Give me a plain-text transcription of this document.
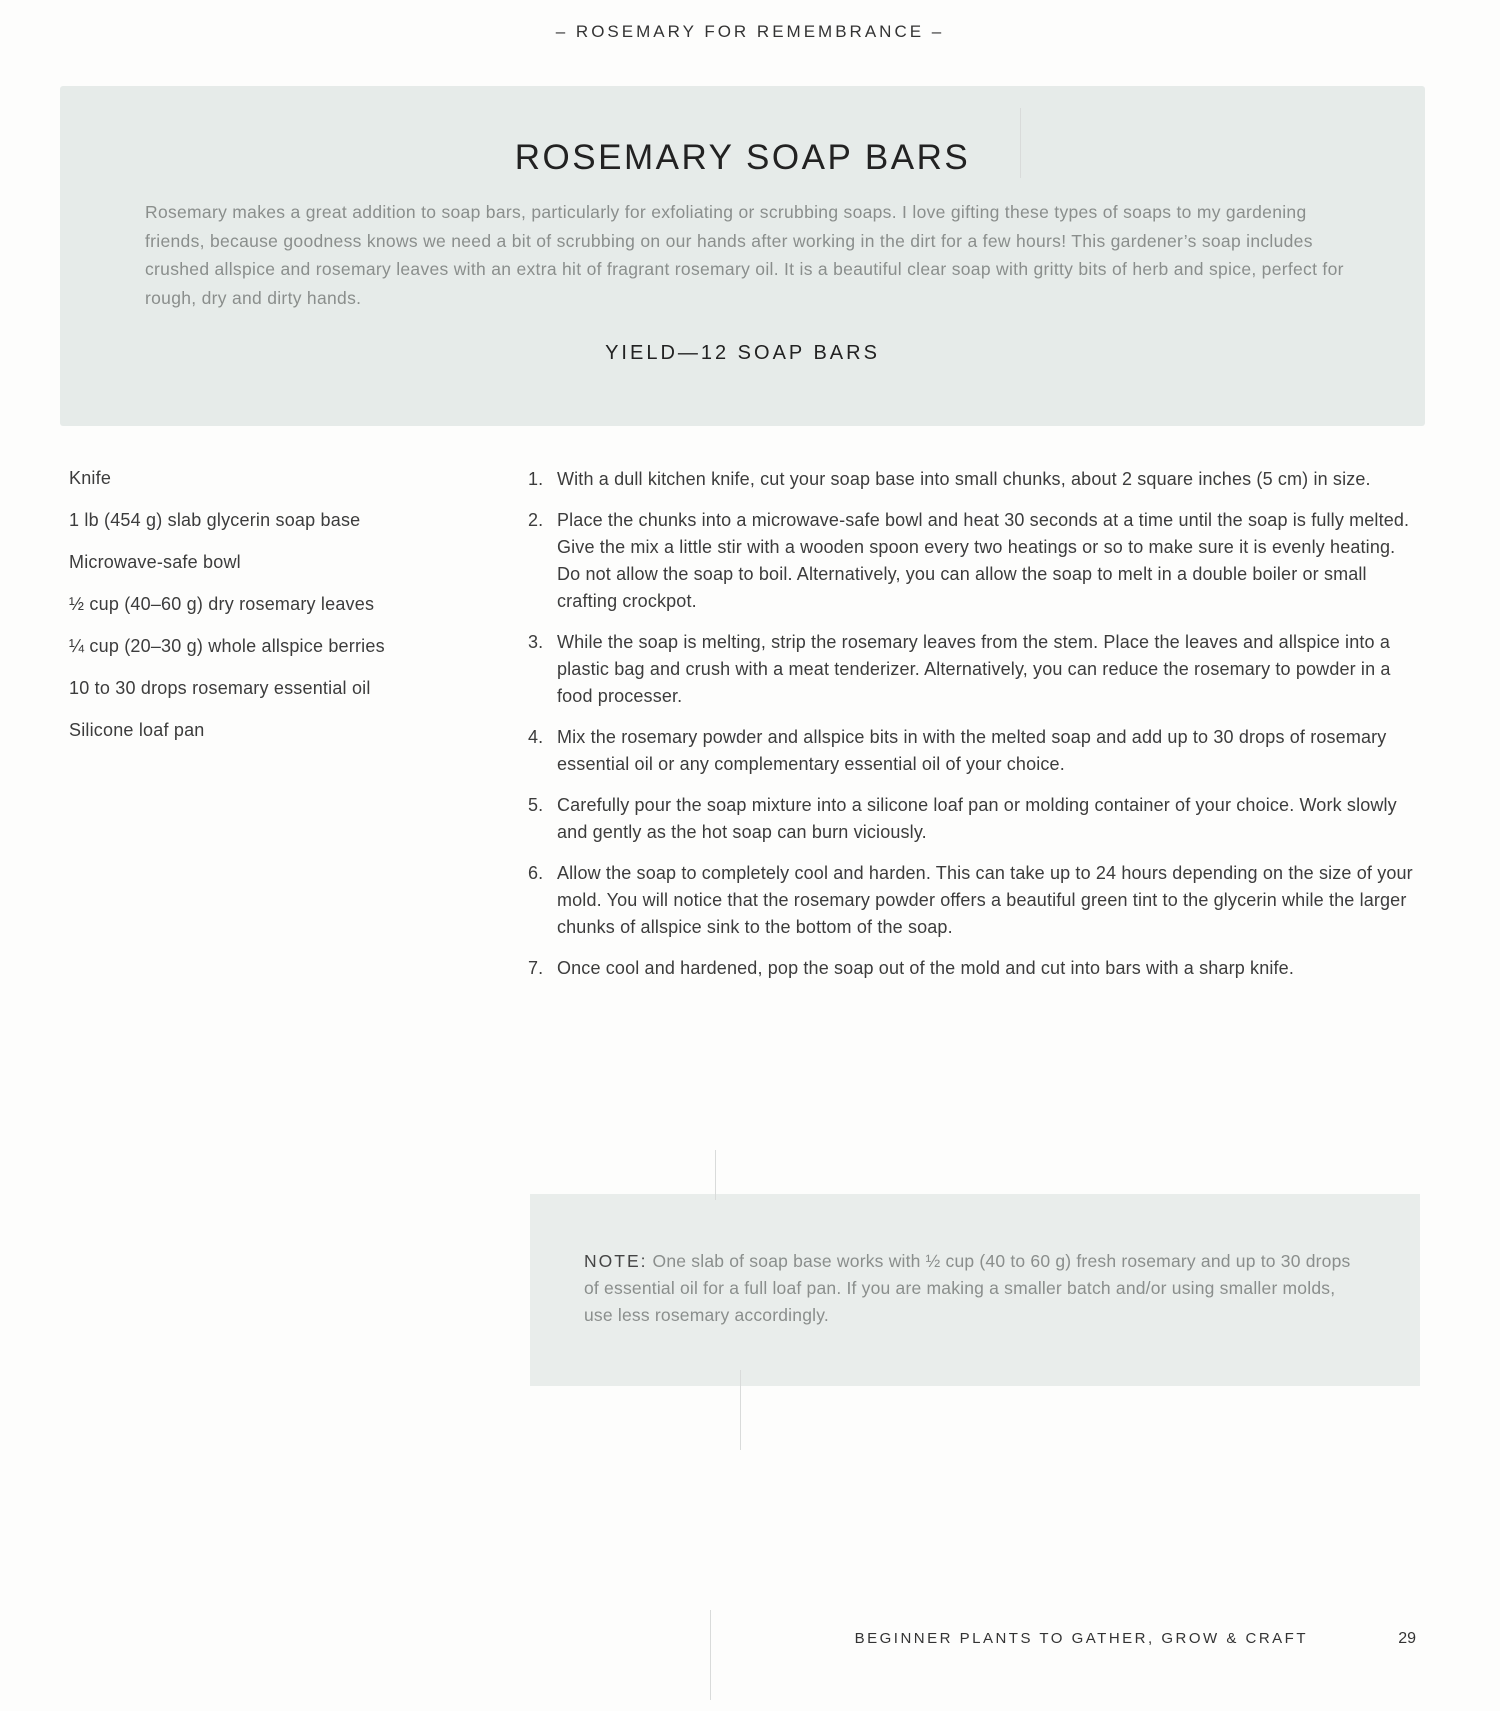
– ROSEMARY FOR REMEMBRANCE –
ROSEMARY SOAP BARS
Rosemary makes a great addition to soap bars, particularly for exfoliating or scrubbing soaps. I love gifting these types of soaps to my gardening friends, because goodness knows we need a bit of scrubbing on our hands after working in the dirt for a few hours! This gardener’s soap includes crushed allspice and rosemary leaves with an extra hit of fragrant rosemary oil. It is a beautiful clear soap with gritty bits of herb and spice, perfect for rough, dry and dirty hands.
YIELD—12 SOAP BARS
Knife
1 lb (454 g) slab glycerin soap base
Microwave-safe bowl
½ cup (40–60 g) dry rosemary leaves
¼ cup (20–30 g) whole allspice berries
10 to 30 drops rosemary essential oil
Silicone loaf pan
1. With a dull kitchen knife, cut your soap base into small chunks, about 2 square inches (5 cm) in size.
2. Place the chunks into a microwave-safe bowl and heat 30 seconds at a time until the soap is fully melted. Give the mix a little stir with a wooden spoon every two heatings or so to make sure it is evenly heating. Do not allow the soap to boil. Alternatively, you can allow the soap to melt in a double boiler or small crafting crockpot.
3. While the soap is melting, strip the rosemary leaves from the stem. Place the leaves and allspice into a plastic bag and crush with a meat tenderizer. Alternatively, you can reduce the rosemary to powder in a food processer.
4. Mix the rosemary powder and allspice bits in with the melted soap and add up to 30 drops of rosemary essential oil or any complementary essential oil of your choice.
5. Carefully pour the soap mixture into a silicone loaf pan or molding container of your choice. Work slowly and gently as the hot soap can burn viciously.
6. Allow the soap to completely cool and harden. This can take up to 24 hours depending on the size of your mold. You will notice that the rosemary powder offers a beautiful green tint to the glycerin while the larger chunks of allspice sink to the bottom of the soap.
7. Once cool and hardened, pop the soap out of the mold and cut into bars with a sharp knife.
NOTE: One slab of soap base works with ½ cup (40 to 60 g) fresh rosemary and up to 30 drops of essential oil for a full loaf pan. If you are making a smaller batch and/or using smaller molds, use less rosemary accordingly.
BEGINNER PLANTS TO GATHER, GROW & CRAFT	29
